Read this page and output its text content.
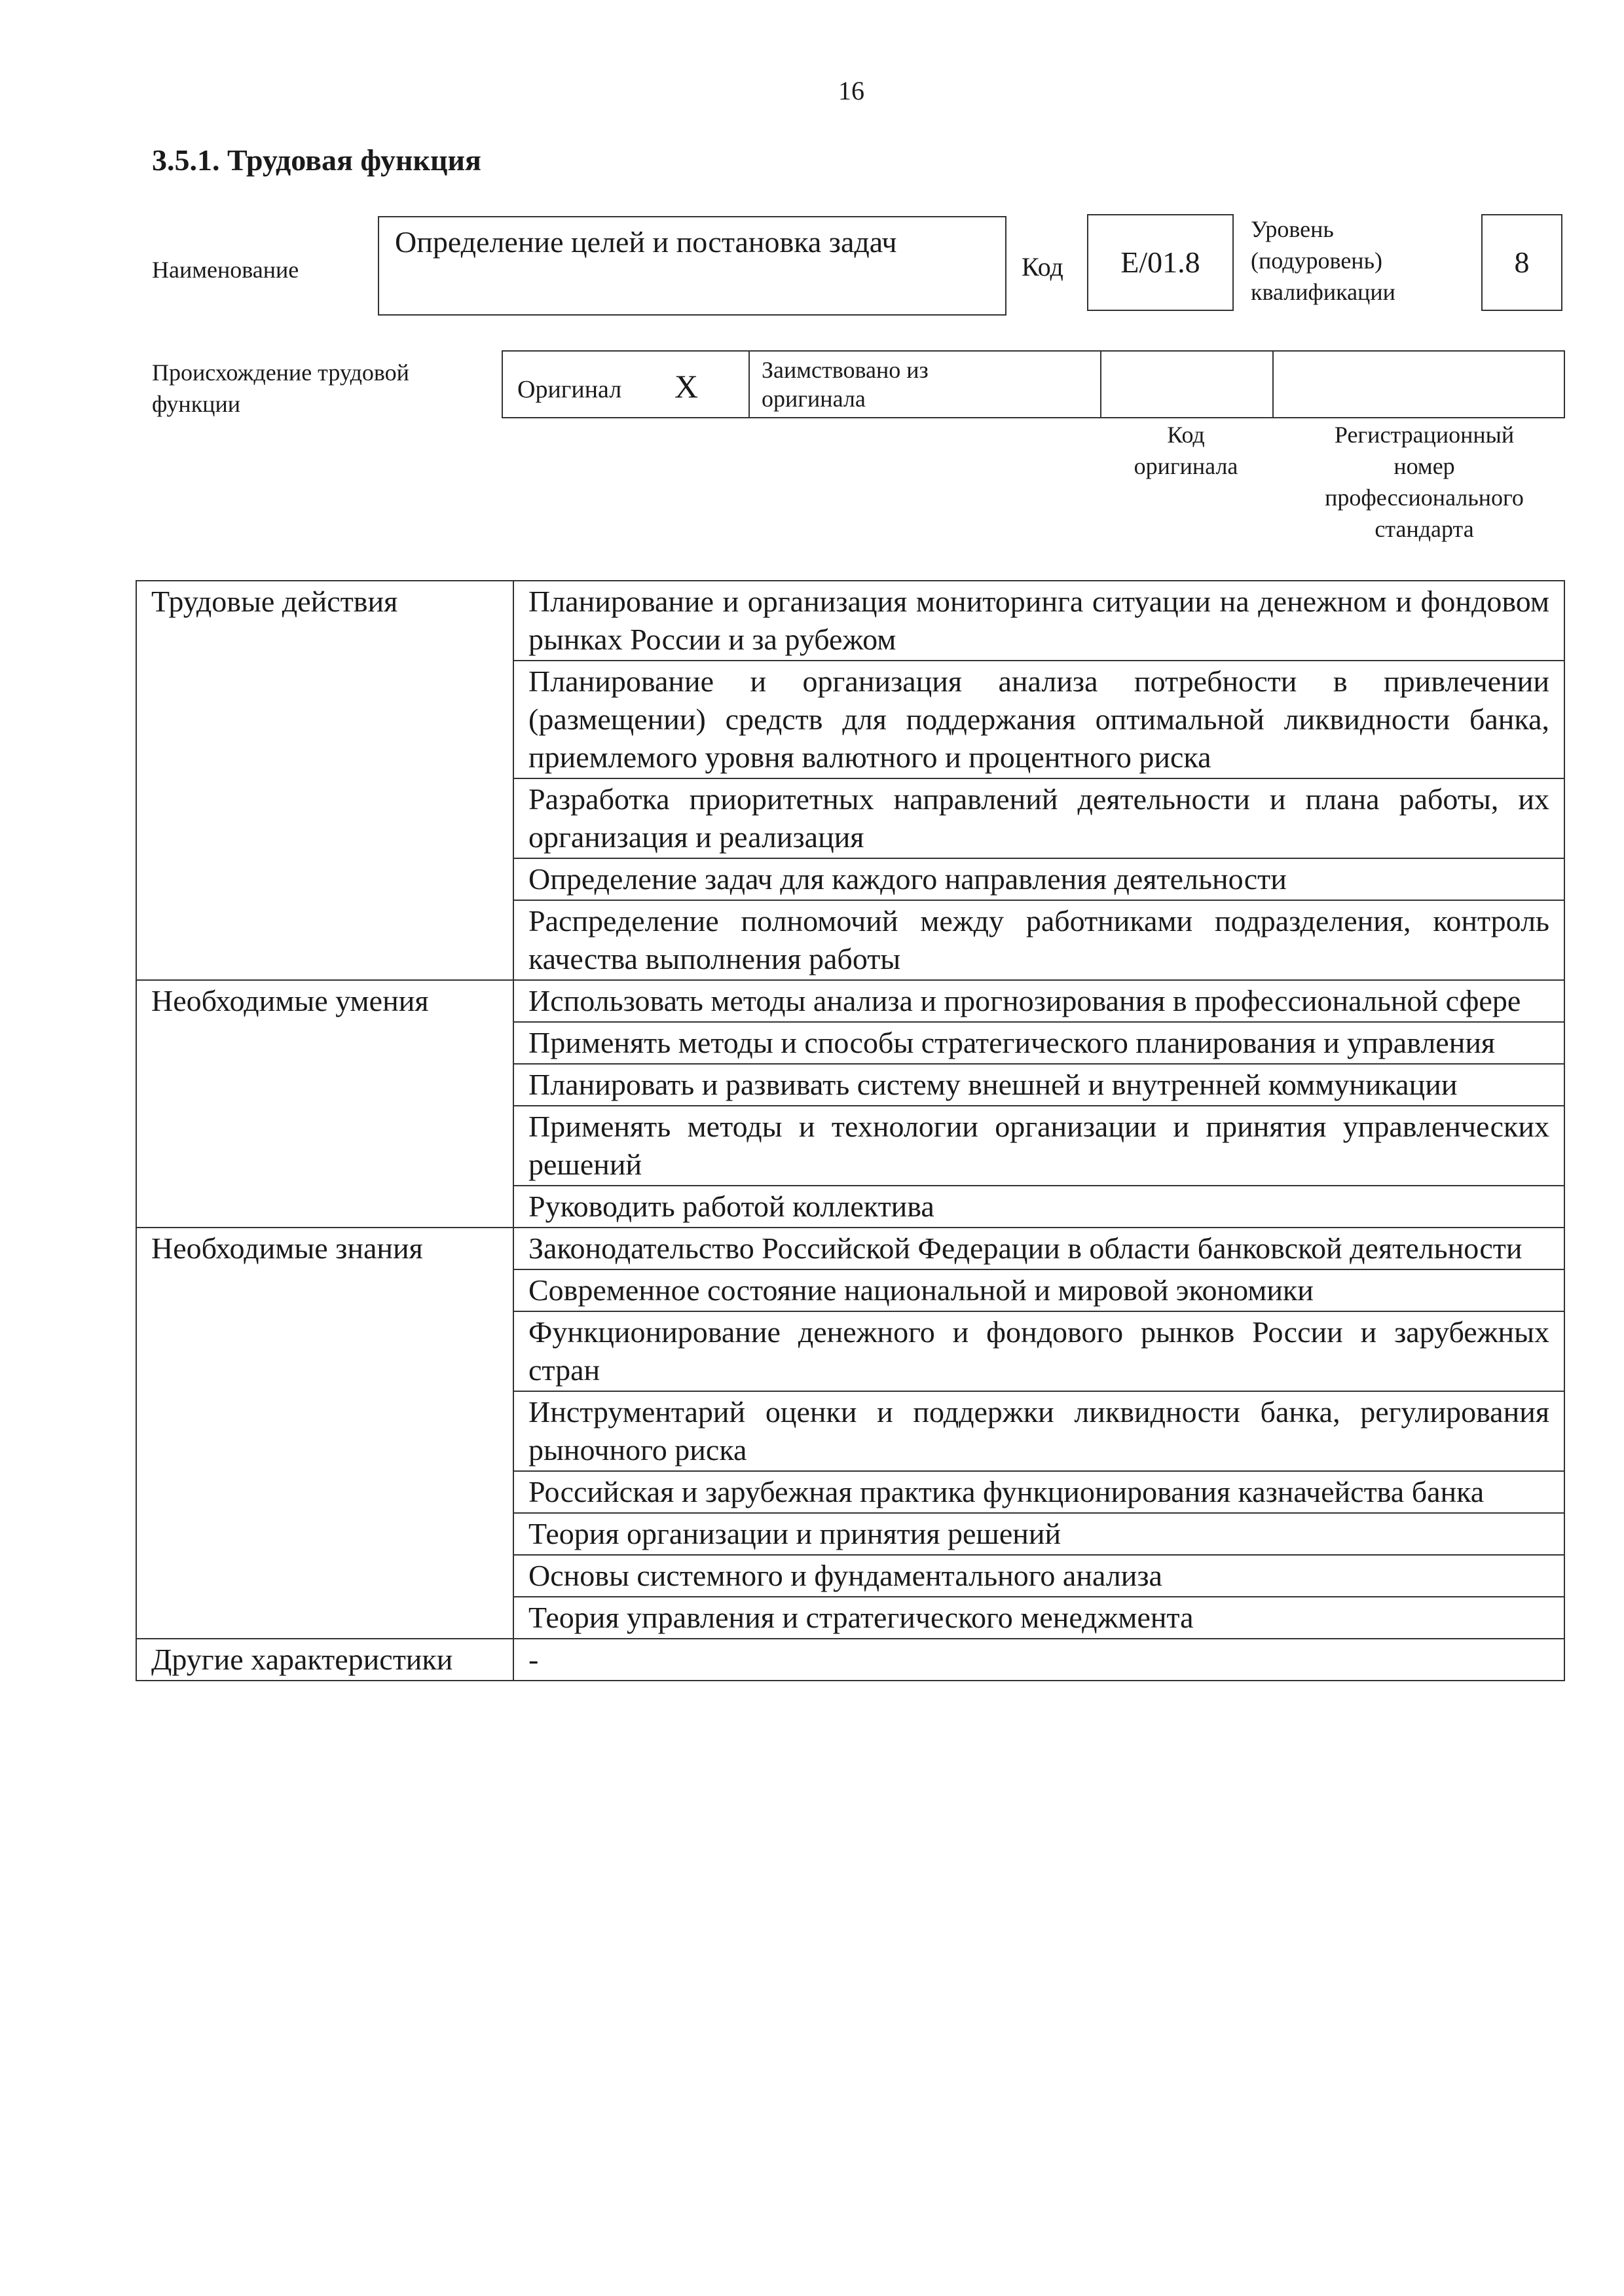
16
3.5.1. Трудовая функция
Наименование
Определение целей и постановка задач
Код	E/01.8
Уровень
(подуровень)
квалификации
8
Происхождение трудовой
функции
Оригинал X	Заимствовано из
оригинала
Код
оригинала
Регистрационный
номер
профессионального
стандарта
Трудовые действия	Планирование и организация мониторинга ситуации на денежном и фондовом рынках России и за рубежом
	Планирование и организация анализа потребности в привлечении (размещении) средств для поддержания оптимальной ликвидности банка, приемлемого уровня валютного и процентного риска
	Разработка приоритетных направлений деятельности и плана работы, их организация и реализация
	Определение задач для каждого направления деятельности
	Распределение полномочий между работниками подразделения, контроль качества выполнения работы
Необходимые умения	Использовать методы анализа и прогнозирования в профессиональной сфере
	Применять методы и способы стратегического планирования и управления
	Планировать и развивать систему внешней и внутренней коммуникации
	Применять методы и технологии организации и принятия управленческих решений
	Руководить работой коллектива
Необходимые знания	Законодательство Российской Федерации в области банковской деятельности
	Современное состояние национальной и мировой экономики
	Функционирование денежного и фондового рынков России и зарубежных стран
	Инструментарий оценки и поддержки ликвидности банка, регулирования рыночного риска
	Российская и зарубежная практика функционирования казначейства банка
	Теория организации и принятия решений
	Основы системного и фундаментального анализа
	Теория управления и стратегического менеджмента
Другие характеристики	-
